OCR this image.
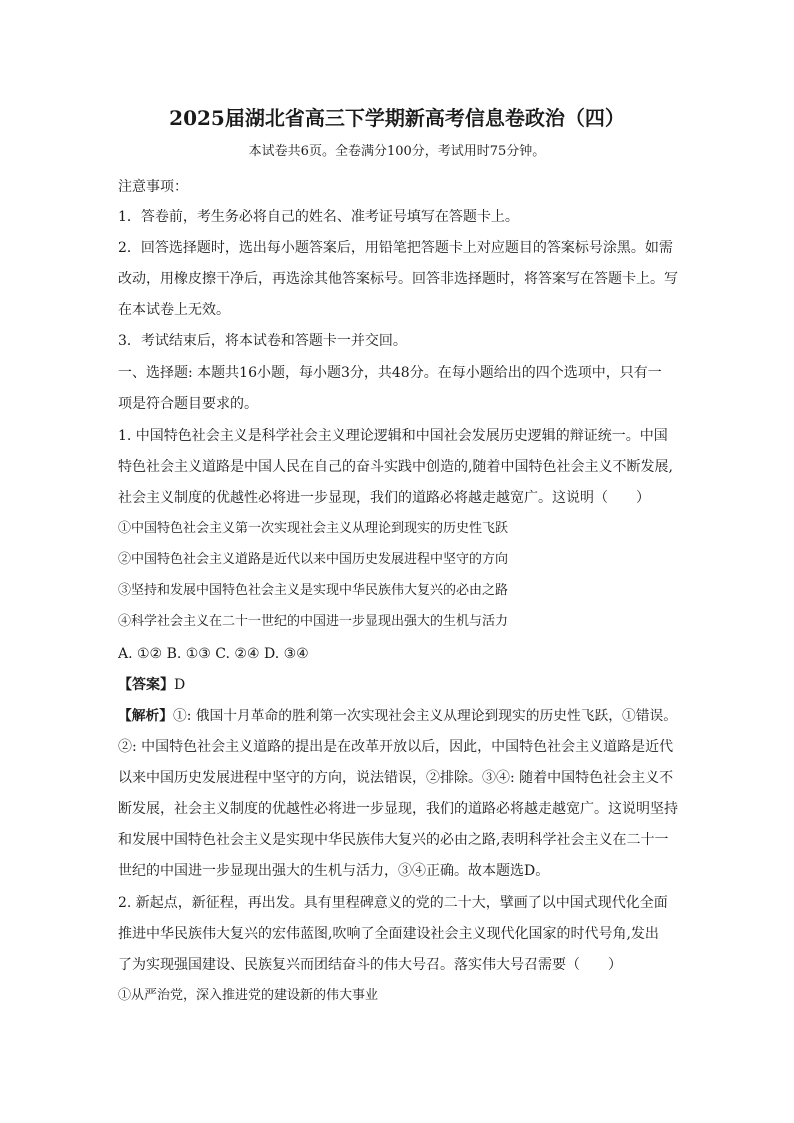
2025届湖北省高三下学期新高考信息卷政治（四）
本试卷共6页。全卷满分100分，考试用时75分钟。
注意事项：
1．答卷前，考生务必将自己的姓名、准考证号填写在答题卡上。
2．回答选择题时，选出每小题答案后，用铅笔把答题卡上对应题目的答案标号涂黑。如需
改动，用橡皮擦干净后，再选涂其他答案标号。回答非选择题时，将答案写在答题卡上。写
在本试卷上无效。
3．考试结束后，将本试卷和答题卡一并交回。
一、选择题: 本题共16小题，每小题3分，共48分。在每小题给出的四个选项中，只有一
项是符合题目要求的。
1. 中国特色社会主义是科学社会主义理论逻辑和中国社会发展历史逻辑的辩证统一。中国
特色社会主义道路是中国人民在自己的奋斗实践中创造的,随着中国特色社会主义不断发展,
社会主义制度的优越性必将进一步显现，我们的道路必将越走越宽广。这说明（　　）
①中国特色社会主义第一次实现社会主义从理论到现实的历史性飞跃
②中国特色社会主义道路是近代以来中国历史发展进程中坚守的方向
③坚持和发展中国特色社会主义是实现中华民族伟大复兴的必由之路
④科学社会主义在二十一世纪的中国进一步显现出强大的生机与活力
A. ①② B. ①③ C. ②④ D. ③④
【答案】D
【解析】①: 俄国十月革命的胜利第一次实现社会主义从理论到现实的历史性飞跃，①错误。
②: 中国特色社会主义道路的提出是在改革开放以后，因此，中国特色社会主义道路是近代
以来中国历史发展进程中坚守的方向，说法错误，②排除。③④: 随着中国特色社会主义不
断发展，社会主义制度的优越性必将进一步显现，我们的道路必将越走越宽广。这说明坚持
和发展中国特色社会主义是实现中华民族伟大复兴的必由之路,表明科学社会主义在二十一
世纪的中国进一步显现出强大的生机与活力，③④正确。故本题选D。
2. 新起点，新征程，再出发。具有里程碑意义的党的二十大，擘画了以中国式现代化全面
推进中华民族伟大复兴的宏伟蓝图,吹响了全面建设社会主义现代化国家的时代号角,发出
了为实现强国建设、民族复兴而团结奋斗的伟大号召。落实伟大号召需要（　　）
①从严治党，深入推进党的建设新的伟大事业
